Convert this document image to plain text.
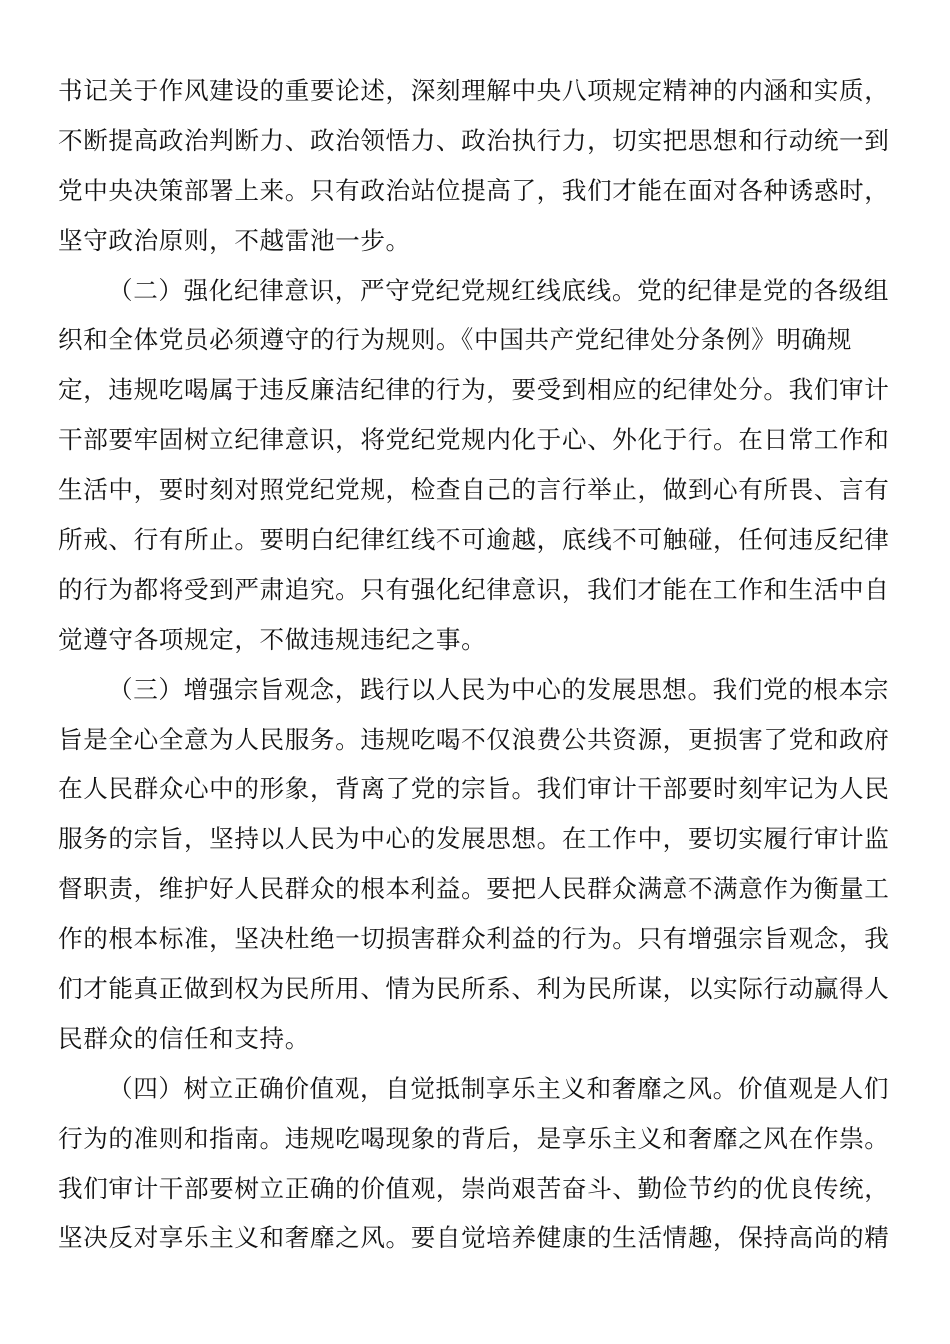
书记关于作风建设的重要论述，深刻理解中央八项规定精神的内涵和实质，
不断提高政治判断力、政治领悟力、政治执行力，切实把思想和行动统一到
党中央决策部署上来。只有政治站位提高了，我们才能在面对各种诱惑时，
坚守政治原则，不越雷池一步。
（二）强化纪律意识，严守党纪党规红线底线。党的纪律是党的各级组
织和全体党员必须遵守的行为规则。《中国共产党纪律处分条例》明确规
定，违规吃喝属于违反廉洁纪律的行为，要受到相应的纪律处分。我们审计
干部要牢固树立纪律意识，将党纪党规内化于心、外化于行。在日常工作和
生活中，要时刻对照党纪党规，检查自己的言行举止，做到心有所畏、言有
所戒、行有所止。要明白纪律红线不可逾越，底线不可触碰，任何违反纪律
的行为都将受到严肃追究。只有强化纪律意识，我们才能在工作和生活中自
觉遵守各项规定，不做违规违纪之事。
（三）增强宗旨观念，践行以人民为中心的发展思想。我们党的根本宗
旨是全心全意为人民服务。违规吃喝不仅浪费公共资源，更损害了党和政府
在人民群众心中的形象，背离了党的宗旨。我们审计干部要时刻牢记为人民
服务的宗旨，坚持以人民为中心的发展思想。在工作中，要切实履行审计监
督职责，维护好人民群众的根本利益。要把人民群众满意不满意作为衡量工
作的根本标准，坚决杜绝一切损害群众利益的行为。只有增强宗旨观念，我
们才能真正做到权为民所用、情为民所系、利为民所谋，以实际行动赢得人
民群众的信任和支持。
（四）树立正确价值观，自觉抵制享乐主义和奢靡之风。价值观是人们
行为的准则和指南。违规吃喝现象的背后，是享乐主义和奢靡之风在作祟。
我们审计干部要树立正确的价值观，崇尚艰苦奋斗、勤俭节约的优良传统，
坚决反对享乐主义和奢靡之风。要自觉培养健康的生活情趣，保持高尚的精
